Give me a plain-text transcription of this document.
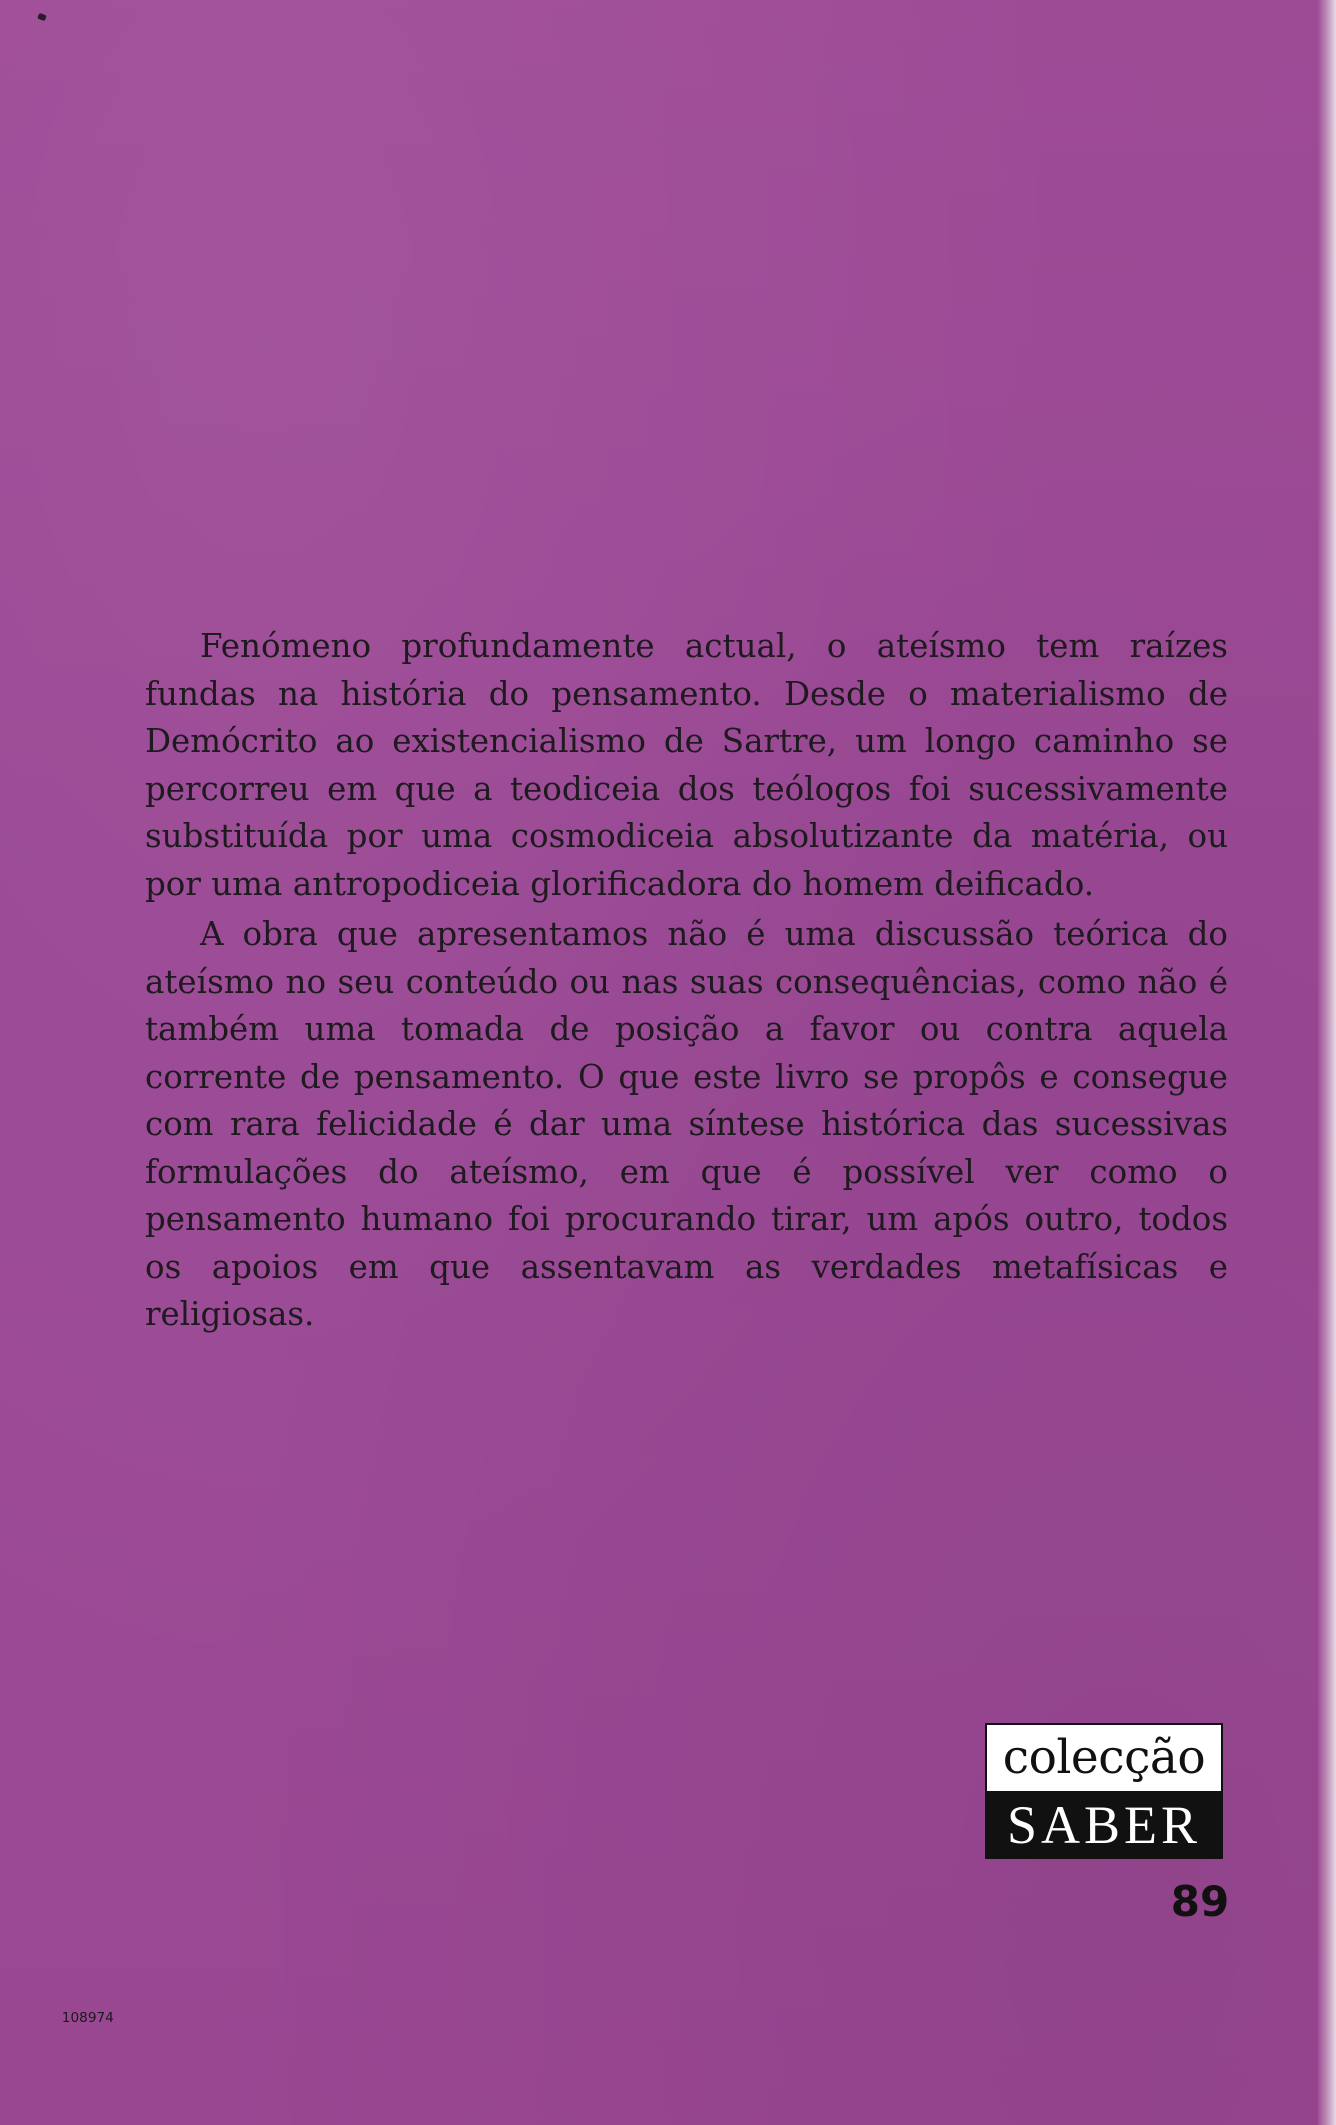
Fenómeno profundamente actual, o ateísmo tem raízes fundas na história do pensamento. Desde o materialismo de Demócrito ao existencialismo de Sartre, um longo caminho se percorreu em que a teodiceia dos teólogos foi sucessivamente substituída por uma cosmodiceia absolutizante da matéria, ou por uma antropodiceia glorificadora do homem deificado.

A obra que apresentamos não é uma discussão teórica do ateísmo no seu conteúdo ou nas suas consequências, como não é também uma tomada de posição a favor ou contra aquela corrente de pensamento. O que este livro se propôs e consegue com rara felicidade é dar uma síntese histórica das sucessivas formulações do ateísmo, em que é possível ver como o pensamento humano foi procurando tirar, um após outro, todos os apoios em que assentavam as verdades metafísicas e religiosas.

colecção
SABER
89
108974
